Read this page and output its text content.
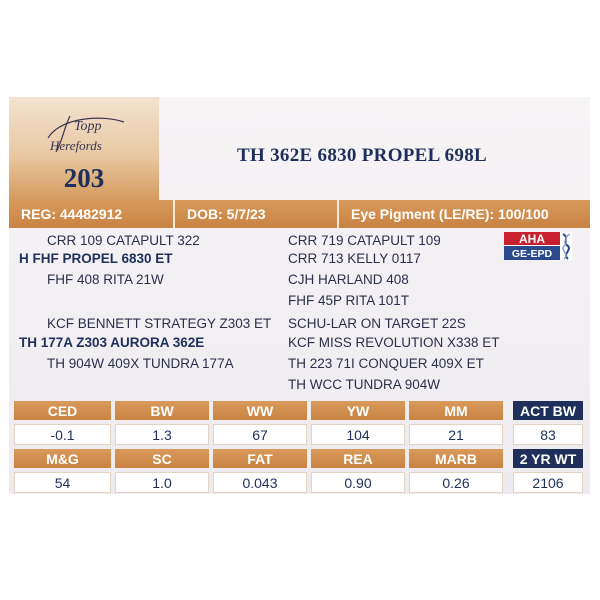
Topp
Herefords
203
TH 362E 6830 PROPEL 698L
REG: 44482912	DOB: 5/7/23	Eye Pigment (LE/RE): 100/100
CRR 109 CATAPULT 322
H FHF PROPEL 6830 ET
FHF 408 RITA 21W
KCF BENNETT STRATEGY Z303 ET
TH 177A Z303 AURORA 362E
TH 904W 409X TUNDRA 177A
CRR 719 CATAPULT 109
CRR 713 KELLY 0117
CJH HARLAND 408
FHF 45P RITA 101T
SCHU-LAR ON TARGET 22S
KCF MISS REVOLUTION X338 ET
TH 223 71I CONQUER 409X ET
TH WCC TUNDRA 904W
AHA
GE-EPD
CED	BW	WW	YW	MM
-0.1	1.3	67	104	21
M&G	SC	FAT	REA	MARB
54	1.0	0.043	0.90	0.26
ACT BW
83
2 YR WT
2106
